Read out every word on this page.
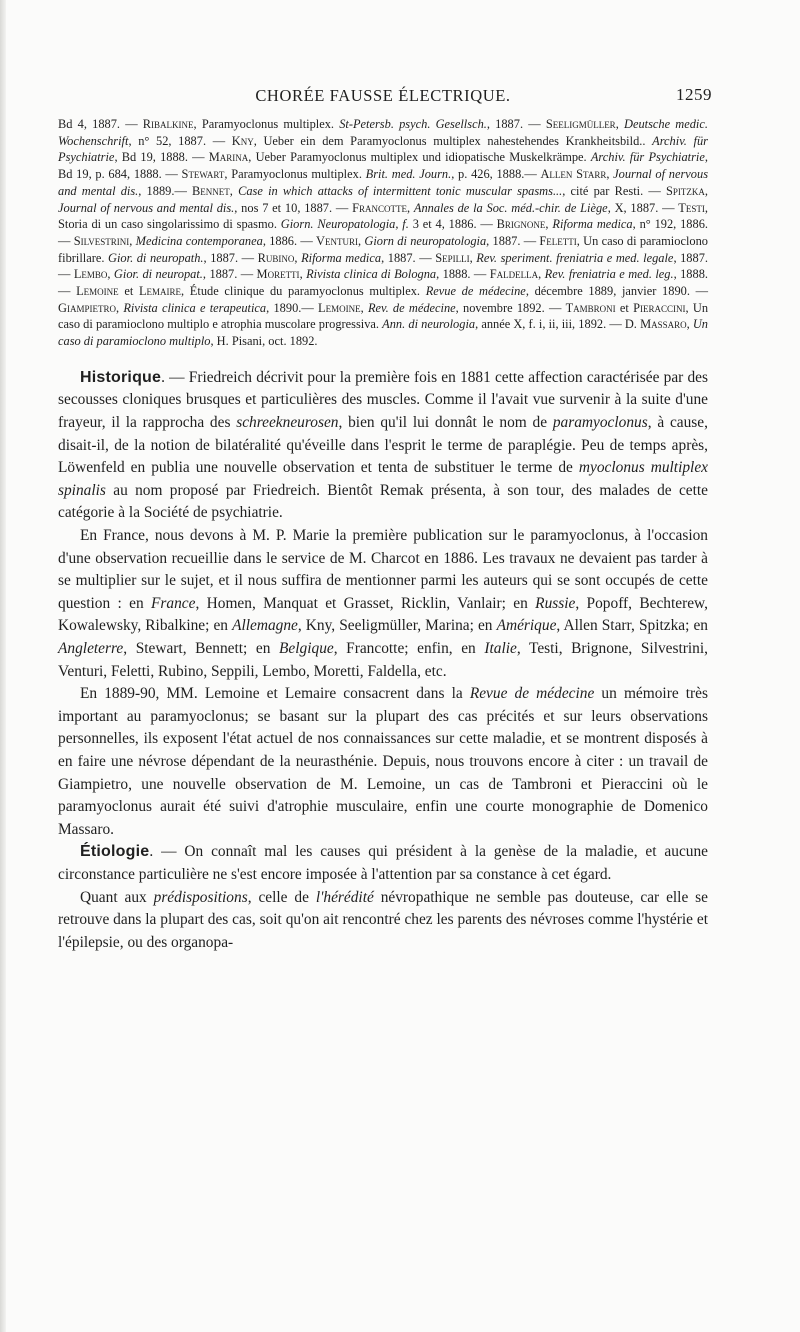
CHORÉE FAUSSE ÉLECTRIQUE.	1259

Bd 4, 1887. — Ribalkine, Paramyoclonus multiplex. St-Petersb. psych. Gesellsch., 1887. — Seeligmüller, Deutsche medic. Wochenschrift, n° 52, 1887. — Kny, Ueber ein dem Paramyoclonus multiplex nahestehendes Krankheitsbild.. Archiv. für Psychiatrie, Bd 19, 1888. — Marina, Ueber Paramyoclonus multiplex und idiopatische Muskelkrämpe. Archiv. für Psychiatrie, Bd 19, p. 684, 1888. — Stewart, Paramyoclonus multiplex. Brit. med. Journ., p. 426, 1888.— Allen Starr, Journal of nervous and mental dis., 1889.— Bennet, Case in which attacks of intermittent tonic muscular spasms..., cité par Resti. — Spitzka, Journal of nervous and mental dis., nos 7 et 10, 1887. — Francotte, Annales de la Soc. méd.-chir. de Liège, X, 1887. — Testi, Storia di un caso singolarissimo di spasmo. Giorn. Neuropatologia, f. 3 et 4, 1886. — Brignone, Riforma medica, n° 192, 1886. — Silvestrini, Medicina contemporanea, 1886. — Venturi, Giorn di neuropatologia, 1887. — Feletti, Un caso di paramioclono fibrillare. Gior. di neuropath., 1887. — Rubino, Riforma medica, 1887. — Sepilli, Rev. speriment. freniatria e med. legale, 1887. — Lembo, Gior. di neuropat., 1887. — Moretti, Rivista clinica di Bologna, 1888. — Faldella, Rev. freniatria e med. leg., 1888. — Lemoine et Lemaire, Étude clinique du paramyoclonus multiplex. Revue de médecine, décembre 1889, janvier 1890. — Giampietro, Rivista clinica e terapeutica, 1890.— Lemoine, Rev. de médecine, novembre 1892. — Tambroni et Pieraccini, Un caso di paramioclono multiplo e atrophia muscolare progressiva. Ann. di neurologia, année X, f. i, ii, iii, 1892. — D. Massaro, Un caso di paramioclono multiplo, H. Pisani, oct. 1892.

Historique. — Friedreich décrivit pour la première fois en 1881 cette affection caractérisée par des secousses cloniques brusques et particulières des muscles. Comme il l'avait vue survenir à la suite d'une frayeur, il la rapprocha des schreekneurosen, bien qu'il lui donnât le nom de paramyoclonus, à cause, disait-il, de la notion de bilatéralité qu'éveille dans l'esprit le terme de paraplégie. Peu de temps après, Löwenfeld en publia une nouvelle observation et tenta de substituer le terme de myoclonus multiplex spinalis au nom proposé par Friedreich. Bientôt Remak présenta, à son tour, des malades de cette catégorie à la Société de psychiatrie.

En France, nous devons à M. P. Marie la première publication sur le paramyoclonus, à l'occasion d'une observation recueillie dans le service de M. Charcot en 1886. Les travaux ne devaient pas tarder à se multiplier sur le sujet, et il nous suffira de mentionner parmi les auteurs qui se sont occupés de cette question : en France, Homen, Manquat et Grasset, Ricklin, Vanlair; en Russie, Popoff, Bechterew, Kowalewsky, Ribalkine; en Allemagne, Kny, Seeligmüller, Marina; en Amérique, Allen Starr, Spitzka; en Angleterre, Stewart, Bennett; en Belgique, Francotte; enfin, en Italie, Testi, Brignone, Silvestrini, Venturi, Feletti, Rubino, Seppili, Lembo, Moretti, Faldella, etc.

En 1889-90, MM. Lemoine et Lemaire consacrent dans la Revue de médecine un mémoire très important au paramyoclonus; se basant sur la plupart des cas précités et sur leurs observations personnelles, ils exposent l'état actuel de nos connaissances sur cette maladie, et se montrent disposés à en faire une névrose dépendant de la neurasthénie. Depuis, nous trouvons encore à citer : un travail de Giampietro, une nouvelle observation de M. Lemoine, un cas de Tambroni et Pieraccini où le paramyoclonus aurait été suivi d'atrophie musculaire, enfin une courte monographie de Domenico Massaro.

Étiologie. — On connaît mal les causes qui président à la genèse de la maladie, et aucune circonstance particulière ne s'est encore imposée à l'attention par sa constance à cet égard.

Quant aux prédispositions, celle de l'hérédité névropathique ne semble pas douteuse, car elle se retrouve dans la plupart des cas, soit qu'on ait rencontré chez les parents des névroses comme l'hystérie et l'épilepsie, ou des organopa-
